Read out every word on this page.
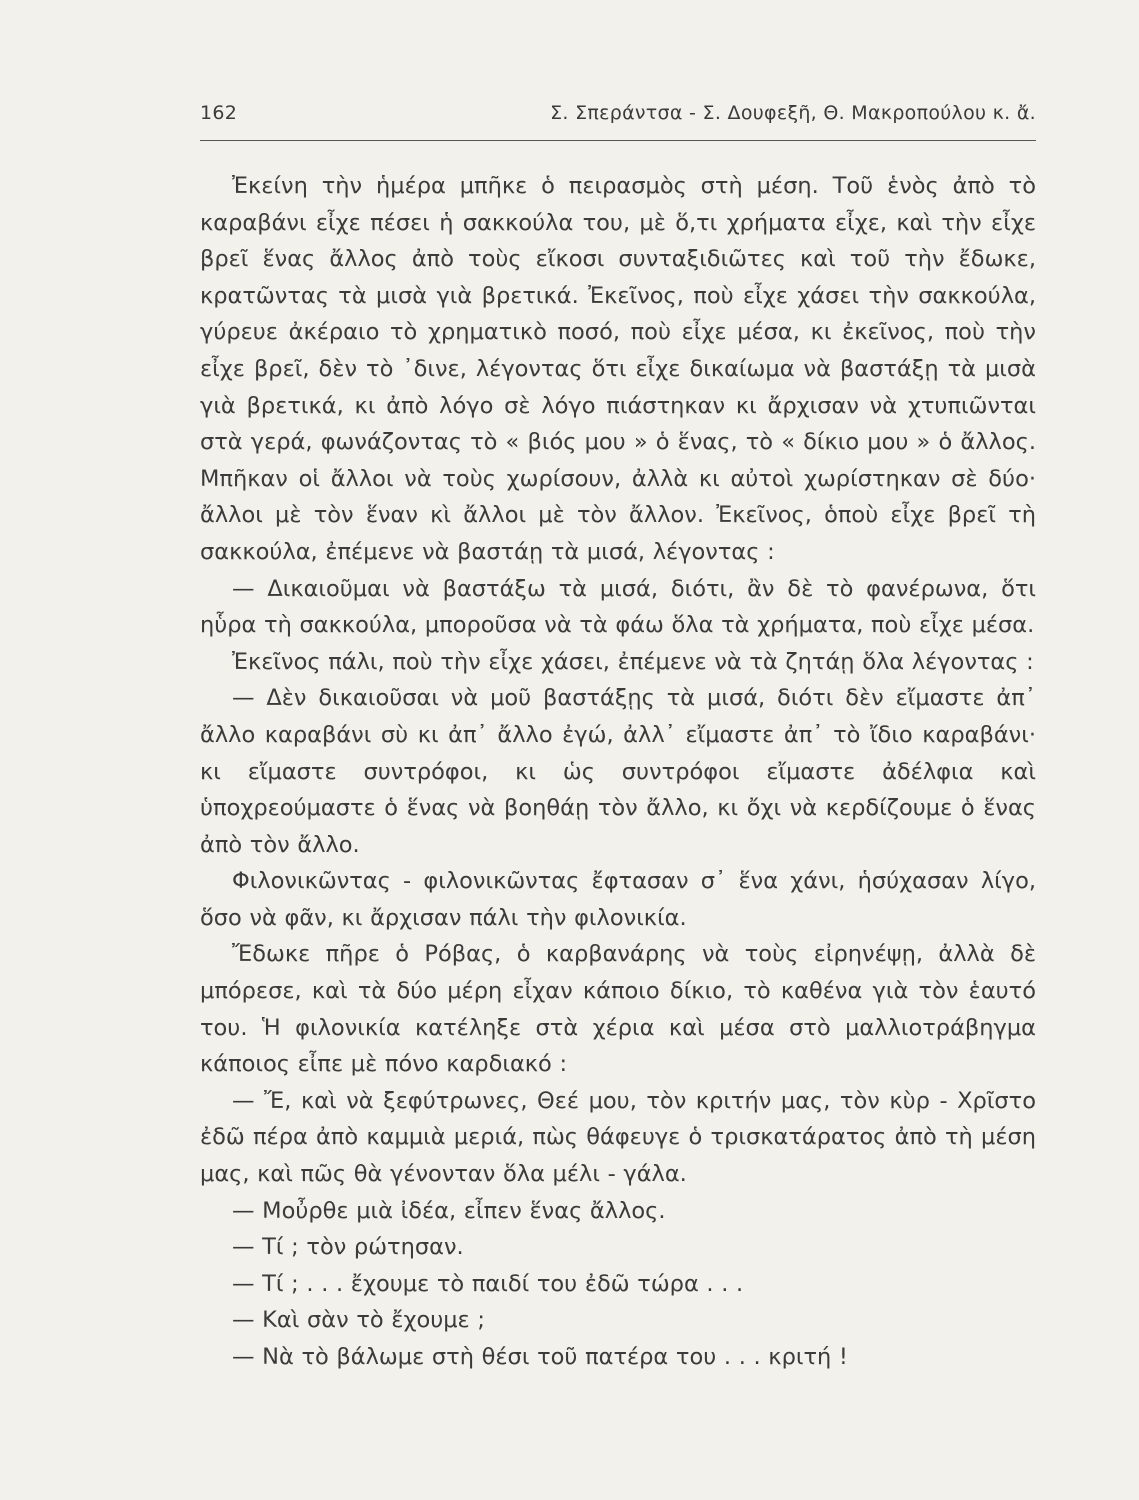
162	Σ. Σπεράντσα - Σ. Δουφεξῆ, Θ. Μακροπούλου κ. ἄ.

Ἐκείνη τὴν ἡμέρα μπῆκε ὁ πειρασμὸς στὴ μέση. Τοῦ ἑνὸς ἀπὸ τὸ καραβάνι εἶχε πέσει ἡ σακκούλα του, μὲ ὅ,τι χρήματα εἶχε, καὶ τὴν εἶχε βρεῖ ἕνας ἄλλος ἀπὸ τοὺς εἴκοσι συνταξιδιῶτες καὶ τοῦ τὴν ἔδωκε, κρατῶντας τὰ μισὰ γιὰ βρετικά. Ἐκεῖνος, ποὺ εἶχε χάσει τὴν σακκούλα, γύρευε ἀκέραιο τὸ χρηματικὸ ποσό, ποὺ εἶχε μέσα, κι ἐκεῖνος, ποὺ τὴν εἶχε βρεῖ, δὲν τὸ ᾽δινε, λέγοντας ὅτι εἶχε δικαίωμα νὰ βαστάξῃ τὰ μισὰ γιὰ βρετικά, κι ἀπὸ λόγο σὲ λόγο πιάστηκαν κι ἄρχισαν νὰ χτυπιῶνται στὰ γερά, φωνάζοντας τὸ « βιός μου » ὁ ἕνας, τὸ « δίκιο μου » ὁ ἄλλος. Μπῆκαν οἱ ἄλλοι νὰ τοὺς χωρίσουν, ἀλλὰ κι αὐτοὶ χωρίστηκαν σὲ δύο· ἄλλοι μὲ τὸν ἕναν κὶ ἄλλοι μὲ τὸν ἄλλον. Ἐκεῖνος, ὁποὺ εἶχε βρεῖ τὴ σακκούλα, ἐπέμενε νὰ βαστάῃ τὰ μισά, λέγοντας :

— Δικαιοῦμαι νὰ βαστάξω τὰ μισά, διότι, ἂν δὲ τὸ φανέρωνα, ὅτι ηὗρα τὴ σακκούλα, μποροῦσα νὰ τὰ φάω ὅλα τὰ χρήματα, ποὺ εἶχε μέσα.

Ἐκεῖνος πάλι, ποὺ τὴν εἶχε χάσει, ἐπέμενε νὰ τὰ ζητάῃ ὅλα λέγοντας :

— Δὲν δικαιοῦσαι νὰ μοῦ βαστάξῃς τὰ μισά, διότι δὲν εἴμαστε ἀπ᾽ ἄλλο καραβάνι σὺ κι ἀπ᾽ ἄλλο ἐγώ, ἀλλ᾽ εἴμαστε ἀπ᾽ τὸ ἴδιο καραβάνι· κι εἴμαστε συντρόφοι, κι ὡς συντρόφοι εἴμαστε ἀδέλφια καὶ ὑποχρεούμαστε ὁ ἕνας νὰ βοηθάῃ τὸν ἄλλο, κι ὄχι νὰ κερδίζουμε ὁ ἕνας ἀπὸ τὸν ἄλλο.

Φιλονικῶντας - φιλονικῶντας ἔφτασαν σ᾽ ἕνα χάνι, ἡσύχασαν λίγο, ὅσο νὰ φᾶν, κι ἄρχισαν πάλι τὴν φιλονικία.

Ἔδωκε πῆρε ὁ Ρόβας, ὁ καρβανάρης νὰ τοὺς εἰρηνέψῃ, ἀλλὰ δὲ μπόρεσε, καὶ τὰ δύο μέρη εἶχαν κάποιο δίκιο, τὸ καθένα γιὰ τὸν ἑαυτό του. Ἡ φιλονικία κατέληξε στὰ χέρια καὶ μέσα στὸ μαλλιοτράβηγμα κάποιος εἶπε μὲ πόνο καρδιακό :

— Ἔ, καὶ νὰ ξεφύτρωνες, Θεέ μου, τὸν κριτήν μας, τὸν κὺρ - Χρῖστο ἐδῶ πέρα ἀπὸ καμμιὰ μεριά, πὼς θάφευγε ὁ τρισκατάρατος ἀπὸ τὴ μέση μας, καὶ πῶς θὰ γένονταν ὅλα μέλι - γάλα.

— Μοὖρθε μιὰ ἰδέα, εἶπεν ἕνας ἄλλος.

— Τί ; τὸν ρώτησαν.

— Τί ; . . . ἔχουμε τὸ παιδί του ἐδῶ τώρα . . .

— Καὶ σὰν τὸ ἔχουμε ;

— Νὰ τὸ βάλωμε στὴ θέσι τοῦ πατέρα του . . . κριτή !
